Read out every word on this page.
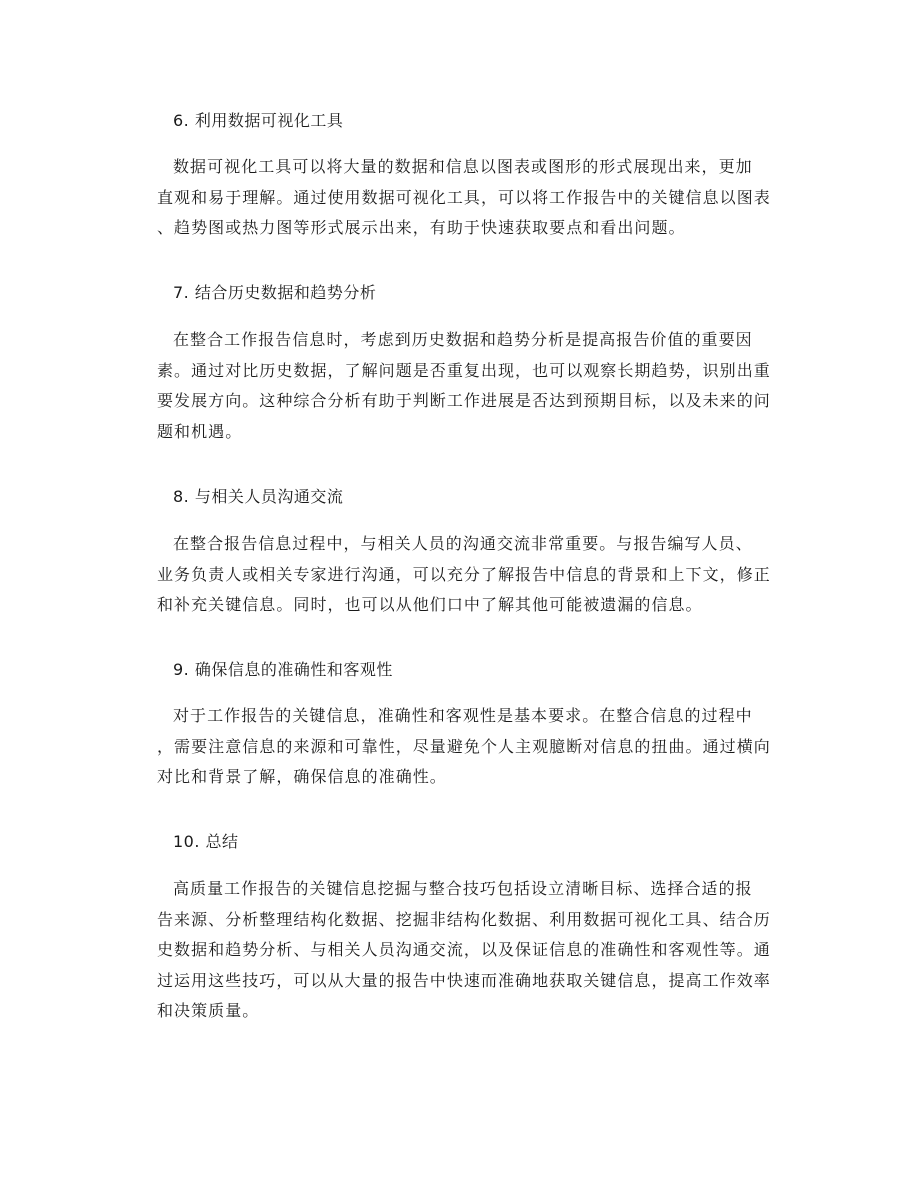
6. 利用数据可视化工具
数据可视化工具可以将大量的数据和信息以图表或图形的形式展现出来，更加
直观和易于理解。通过使用数据可视化工具，可以将工作报告中的关键信息以图表
、趋势图或热力图等形式展示出来，有助于快速获取要点和看出问题。
7. 结合历史数据和趋势分析
在整合工作报告信息时，考虑到历史数据和趋势分析是提高报告价值的重要因
素。通过对比历史数据，了解问题是否重复出现，也可以观察长期趋势，识别出重
要发展方向。这种综合分析有助于判断工作进展是否达到预期目标，以及未来的问
题和机遇。
8. 与相关人员沟通交流
在整合报告信息过程中，与相关人员的沟通交流非常重要。与报告编写人员、
业务负责人或相关专家进行沟通，可以充分了解报告中信息的背景和上下文，修正
和补充关键信息。同时，也可以从他们口中了解其他可能被遗漏的信息。
9. 确保信息的准确性和客观性
对于工作报告的关键信息，准确性和客观性是基本要求。在整合信息的过程中
，需要注意信息的来源和可靠性，尽量避免个人主观臆断对信息的扭曲。通过横向
对比和背景了解，确保信息的准确性。
10. 总结
高质量工作报告的关键信息挖掘与整合技巧包括设立清晰目标、选择合适的报
告来源、分析整理结构化数据、挖掘非结构化数据、利用数据可视化工具、结合历
史数据和趋势分析、与相关人员沟通交流，以及保证信息的准确性和客观性等。通
过运用这些技巧，可以从大量的报告中快速而准确地获取关键信息，提高工作效率
和决策质量。
